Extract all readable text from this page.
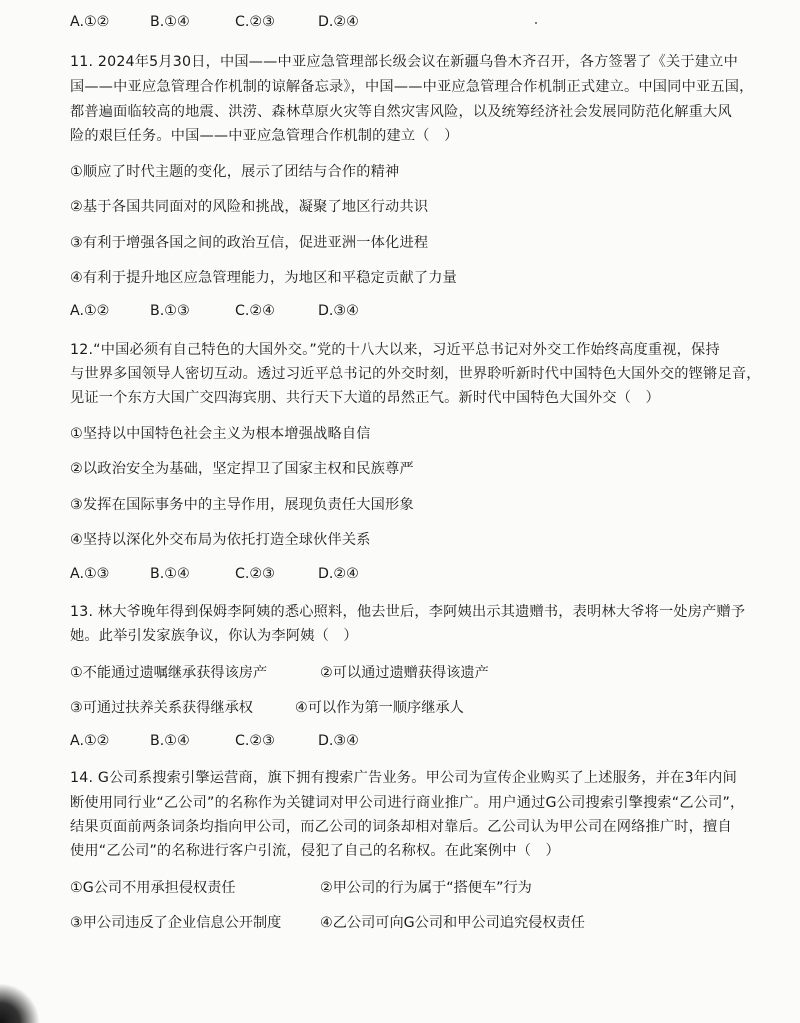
A.①②	B.①④	C.②③	D.②④
11. 2024年5月30日，中国——中亚应急管理部长级会议在新疆乌鲁木齐召开，各方签署了《关于建立中
国——中亚应急管理合作机制的谅解备忘录》，中国——中亚应急管理合作机制正式建立。中国同中亚五国，
都普遍面临较高的地震、洪涝、森林草原火灾等自然灾害风险，以及统筹经济社会发展同防范化解重大风
险的艰巨任务。中国——中亚应急管理合作机制的建立（　）
①顺应了时代主题的变化，展示了团结与合作的精神
②基于各国共同面对的风险和挑战，凝聚了地区行动共识
③有利于增强各国之间的政治互信，促进亚洲一体化进程
④有利于提升地区应急管理能力，为地区和平稳定贡献了力量
A.①②	B.①③	C.②④	D.③④
12.“中国必须有自己特色的大国外交。”党的十八大以来，习近平总书记对外交工作始终高度重视，保持
与世界多国领导人密切互动。透过习近平总书记的外交时刻，世界聆听新时代中国特色大国外交的铿锵足音，
见证一个东方大国广交四海宾朋、共行天下大道的昂然正气。新时代中国特色大国外交（　）
①坚持以中国特色社会主义为根本增强战略自信
②以政治安全为基础，坚定捍卫了国家主权和民族尊严
③发挥在国际事务中的主导作用，展现负责任大国形象
④坚持以深化外交布局为依托打造全球伙伴关系
A.①③	B.①④	C.②③	D.②④
13. 林大爷晚年得到保姆李阿姨的悉心照料，他去世后，李阿姨出示其遗赠书，表明林大爷将一处房产赠予
她。此举引发家族争议，你认为李阿姨（　）
①不能通过遗嘱继承获得该房产	②可以通过遗赠获得该遗产
③可通过扶养关系获得继承权	④可以作为第一顺序继承人
A.①②	B.①④	C.②③	D.③④
14. G公司系搜索引擎运营商，旗下拥有搜索广告业务。甲公司为宣传企业购买了上述服务，并在3年内间
断使用同行业“乙公司”的名称作为关键词对甲公司进行商业推广。用户通过G公司搜索引擎搜索“乙公司”，
结果页面前两条词条均指向甲公司，而乙公司的词条却相对靠后。乙公司认为甲公司在网络推广时，擅自
使用“乙公司”的名称进行客户引流，侵犯了自己的名称权。在此案例中（　）
①G公司不用承担侵权责任	②甲公司的行为属于“搭便车”行为
③甲公司违反了企业信息公开制度	④乙公司可向G公司和甲公司追究侵权责任
